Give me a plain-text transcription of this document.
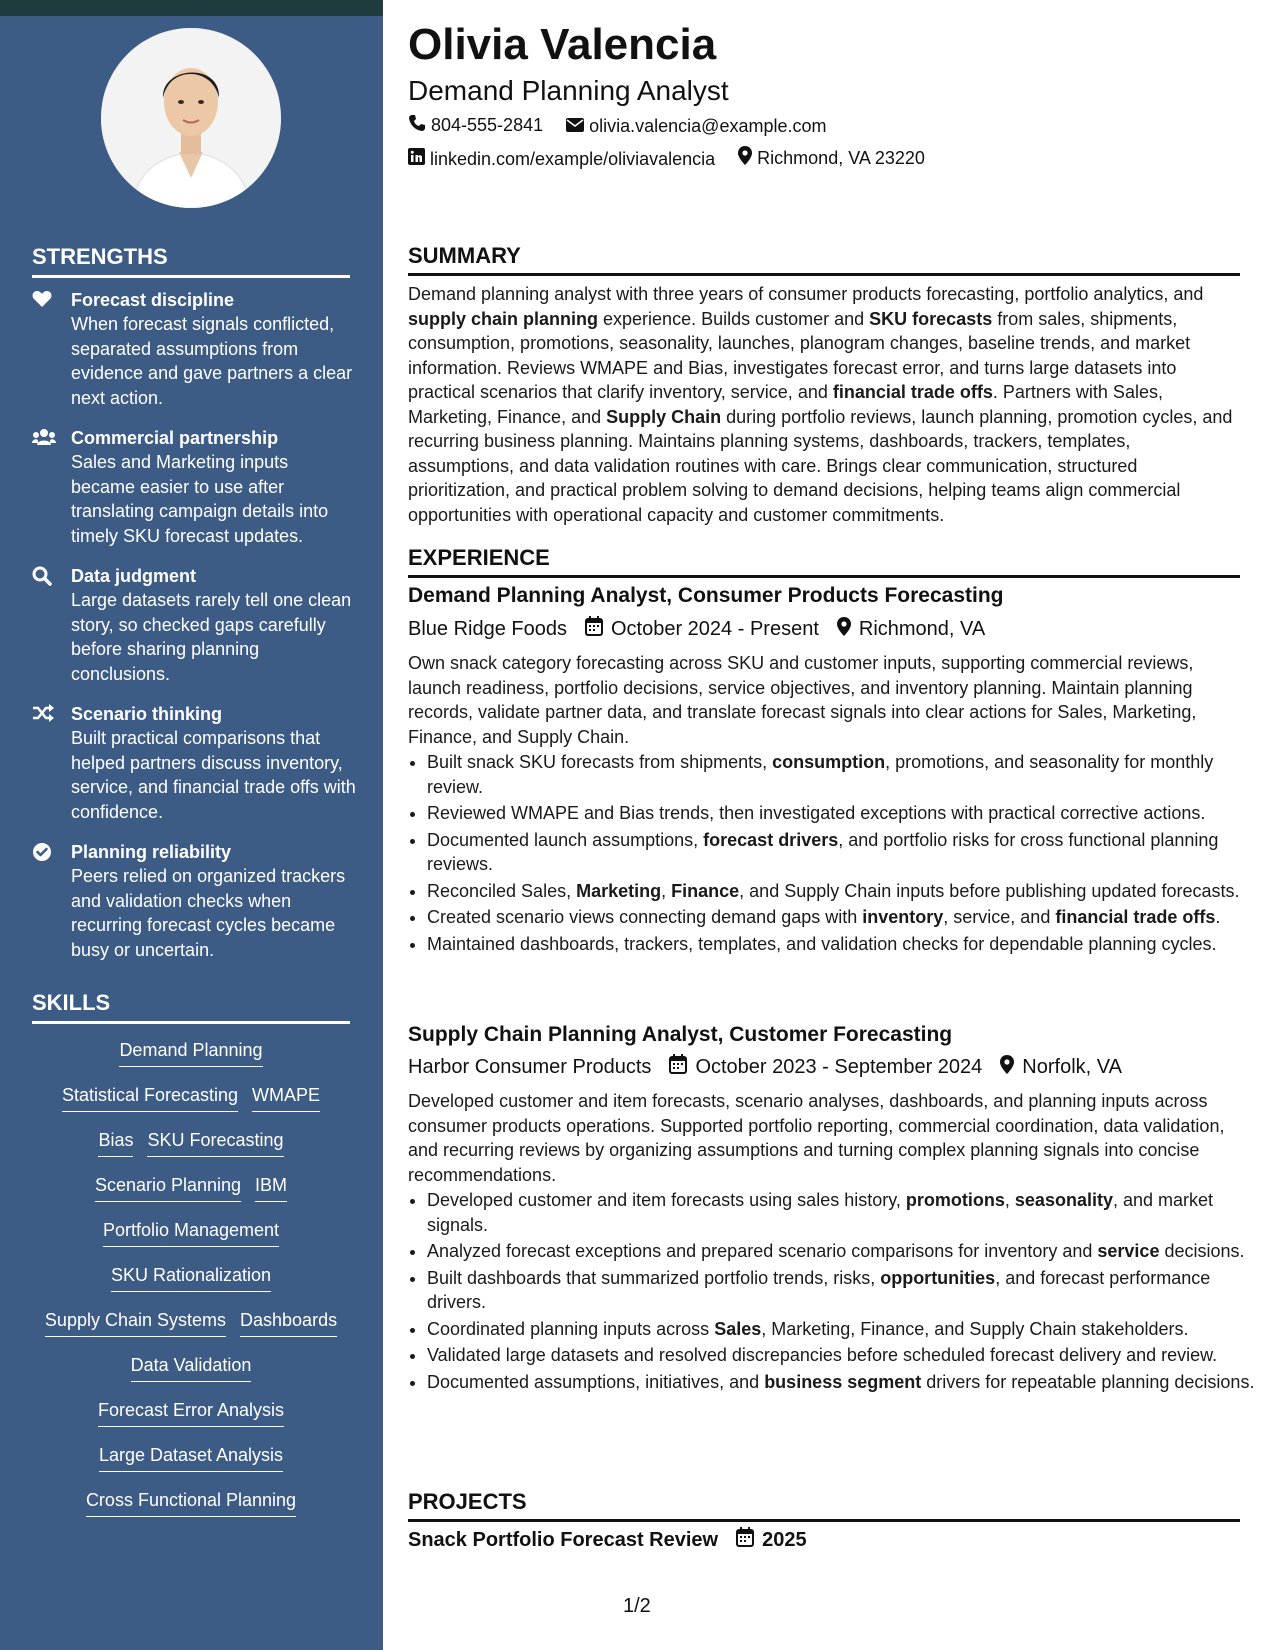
STRENGTHS
Forecast discipline
When forecast signals conflicted, separated assumptions from evidence and gave partners a clear next action.
Commercial partnership
Sales and Marketing inputs became easier to use after translating campaign details into timely SKU forecast updates.
Data judgment
Large datasets rarely tell one clean story, so checked gaps carefully before sharing planning conclusions.
Scenario thinking
Built practical comparisons that helped partners discuss inventory, service, and financial trade offs with confidence.
Planning reliability
Peers relied on organized trackers and validation checks when recurring forecast cycles became busy or uncertain.
SKILLS
Demand Planning
Statistical Forecasting WMAPE
Bias SKU Forecasting
Scenario Planning IBM
Portfolio Management
SKU Rationalization
Supply Chain Systems Dashboards
Data Validation
Forecast Error Analysis
Large Dataset Analysis
Cross Functional Planning
Olivia Valencia
Demand Planning Analyst
804-555-2841
	olivia.valencia@example.com
linkedin.com/example/oliviavalencia
Richmond, VA 23220
SUMMARY
Demand planning analyst with three years of consumer products forecasting, portfolio analytics, and supply chain planning experience. Builds customer and SKU forecasts from sales, shipments, consumption, promotions, seasonality, launches, planogram changes, baseline trends, and market information. Reviews WMAPE and Bias, investigates forecast error, and turns large datasets into practical scenarios that clarify inventory, service, and financial trade offs. Partners with Sales, Marketing, Finance, and Supply Chain during portfolio reviews, launch planning, promotion cycles, and recurring business planning. Maintains planning systems, dashboards, trackers, templates, assumptions, and data validation routines with care. Brings clear communication, structured prioritization, and practical problem solving to demand decisions, helping teams align commercial opportunities with operational capacity and customer commitments.
EXPERIENCE
Demand Planning Analyst, Consumer Products Forecasting
Blue Ridge Foods October 2024 - Present Richmond, VA
Own snack category forecasting across SKU and customer inputs, supporting commercial reviews, launch readiness, portfolio decisions, service objectives, and inventory planning. Maintain planning records, validate partner data, and translate forecast signals into clear actions for Sales, Marketing, Finance, and Supply Chain.
• Built snack SKU forecasts from shipments, consumption, promotions, and seasonality for monthly review.
• Reviewed WMAPE and Bias trends, then investigated exceptions with practical corrective actions.
• Documented launch assumptions, forecast drivers, and portfolio risks for cross functional planning reviews.
• Reconciled Sales, Marketing, Finance, and Supply Chain inputs before publishing updated forecasts.
• Created scenario views connecting demand gaps with inventory, service, and financial trade offs.
• Maintained dashboards, trackers, templates, and validation checks for dependable planning cycles.
Supply Chain Planning Analyst, Customer Forecasting
Harbor Consumer Products October 2023 - September 2024 Norfolk, VA
Developed customer and item forecasts, scenario analyses, dashboards, and planning inputs across consumer products operations. Supported portfolio reporting, commercial coordination, data validation, and recurring reviews by organizing assumptions and turning complex planning signals into concise recommendations.
• Developed customer and item forecasts using sales history, promotions, seasonality, and market signals.
• Analyzed forecast exceptions and prepared scenario comparisons for inventory and service decisions.
• Built dashboards that summarized portfolio trends, risks, opportunities, and forecast performance drivers.
• Coordinated planning inputs across Sales, Marketing, Finance, and Supply Chain stakeholders.
• Validated large datasets and resolved discrepancies before scheduled forecast delivery and review.
• Documented assumptions, initiatives, and business segment drivers for repeatable planning decisions.
PROJECTS
Snack Portfolio Forecast Review 2025
1/2
